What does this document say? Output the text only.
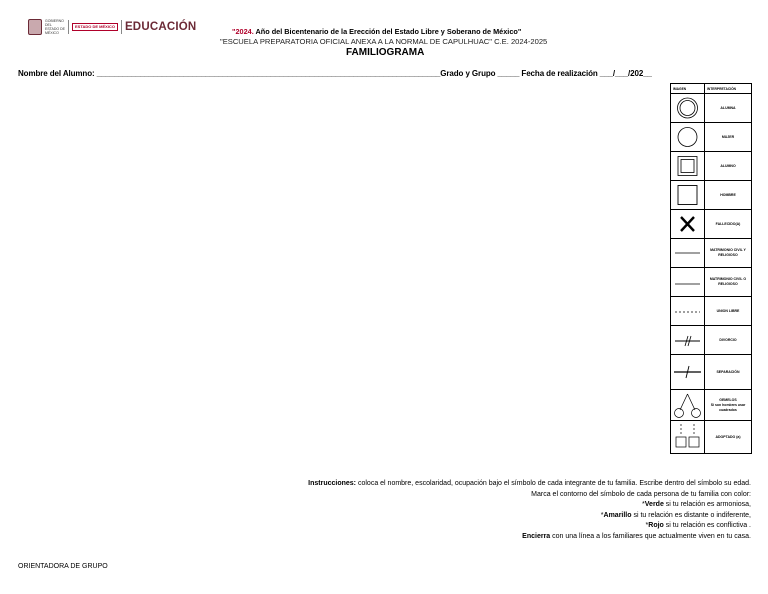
GOBIERNO DEL ESTADO DE MÉXICO
ESTADO DE MÉXICO EDUCACIÓN	"2024. Año del Bicentenario de la Erección del Estado Libre y Soberano de México"
"ESCUELA PREPARATORIA OFICIAL ANEXA A LA NORMAL DE CAPULHUAC" C.E. 2024-2025
FAMILIOGRAMA
Nombre del Alumno: _______________________________________________________________________________Grado y Grupo _____ Fecha de realización ___/___/202__
IMAGEN	INTERPRETACIÓN

	ALUMNA

	MUJER

	ALUMNO

	HOMBRE

	FALLECIDO(A)

	MATRIMONIO CIVIL Y RELIGIOSO

	MATRIMONIO CIVIL O RELIGIOSO

	UNION LIBRE

	DIVORCIO

	SEPARACIÓN

	GEMELOS
Si son hombres usar cuadrados

	ADOPTADO (a)

Instrucciones: coloca el nombre, escolaridad, ocupación bajo el símbolo de cada integrante de tu familia. Escribe dentro del símbolo su edad.

Marca el contorno del símbolo de cada persona de tu familia con color:

*Verde si tu relación es armoniosa,

*Amarillo si tu relación es distante o indiferente,

*Rojo si tu relación es conflictiva .

Encierra con una línea a los familiares que actualmente viven en tu casa.

ORIENTADORA DE GRUPO
